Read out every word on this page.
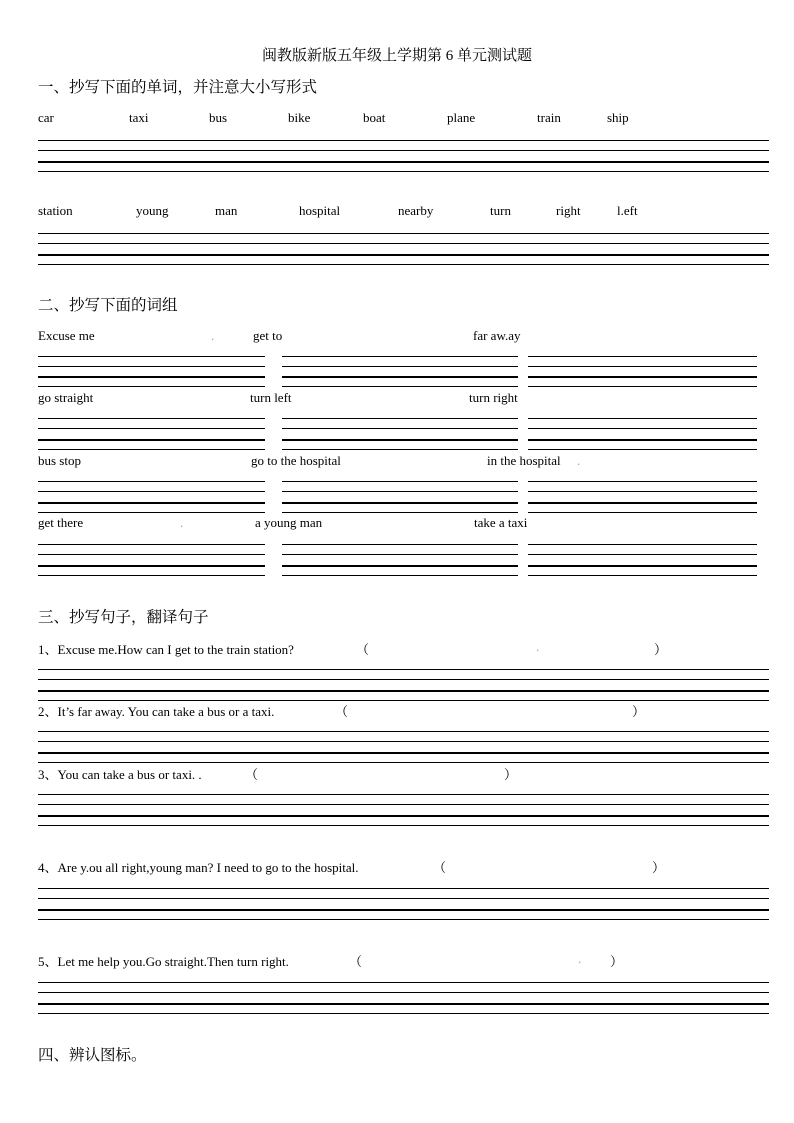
闽教版新版五年级上学期第 6 单元测试题
一、抄写下面的单词，并注意大小写形式
car	taxi	bus	bike	boat	plane	train	ship
station	young	man	hospital	nearby	turn	right	l.eft
二、抄写下面的词组
Excuse me	.	get to	far aw.ay
go straight	turn left	turn right
bus stop	go to the hospital	in the hospital .
get there	.	a young man	take a taxi
三、抄写句子，翻译句子
1、Excuse me.How can I get to the train station?	（	.	）
2、It’s far away. You can take a bus or a taxi.	（	）
3、You can take a bus or taxi. .	（	）
4、Are y.ou all right,young man? I need to go to the hospital.	（	）
5、Let me help you.Go straight.Then turn right.	（	. ）
四、辨认图标。
